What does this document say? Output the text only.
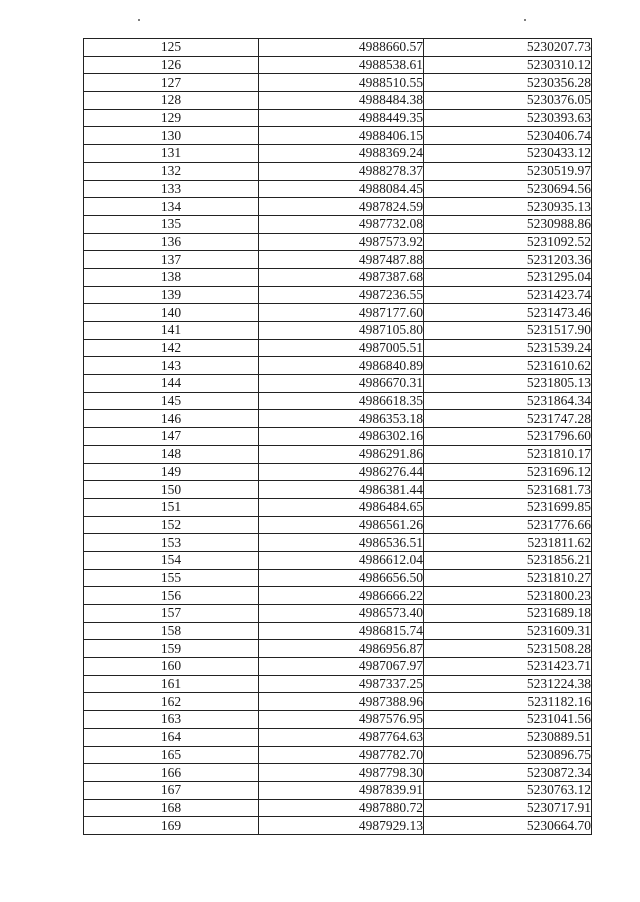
125	4988660.57	5230207.73
126	4988538.61	5230310.12
127	4988510.55	5230356.28
128	4988484.38	5230376.05
129	4988449.35	5230393.63
130	4988406.15	5230406.74
131	4988369.24	5230433.12
132	4988278.37	5230519.97
133	4988084.45	5230694.56
134	4987824.59	5230935.13
135	4987732.08	5230988.86
136	4987573.92	5231092.52
137	4987487.88	5231203.36
138	4987387.68	5231295.04
139	4987236.55	5231423.74
140	4987177.60	5231473.46
141	4987105.80	5231517.90
142	4987005.51	5231539.24
143	4986840.89	5231610.62
144	4986670.31	5231805.13
145	4986618.35	5231864.34
146	4986353.18	5231747.28
147	4986302.16	5231796.60
148	4986291.86	5231810.17
149	4986276.44	5231696.12
150	4986381.44	5231681.73
151	4986484.65	5231699.85
152	4986561.26	5231776.66
153	4986536.51	5231811.62
154	4986612.04	5231856.21
155	4986656.50	5231810.27
156	4986666.22	5231800.23
157	4986573.40	5231689.18
158	4986815.74	5231609.31
159	4986956.87	5231508.28
160	4987067.97	5231423.71
161	4987337.25	5231224.38
162	4987388.96	5231182.16
163	4987576.95	5231041.56
164	4987764.63	5230889.51
165	4987782.70	5230896.75
166	4987798.30	5230872.34
167	4987839.91	5230763.12
168	4987880.72	5230717.91
169	4987929.13	5230664.70
